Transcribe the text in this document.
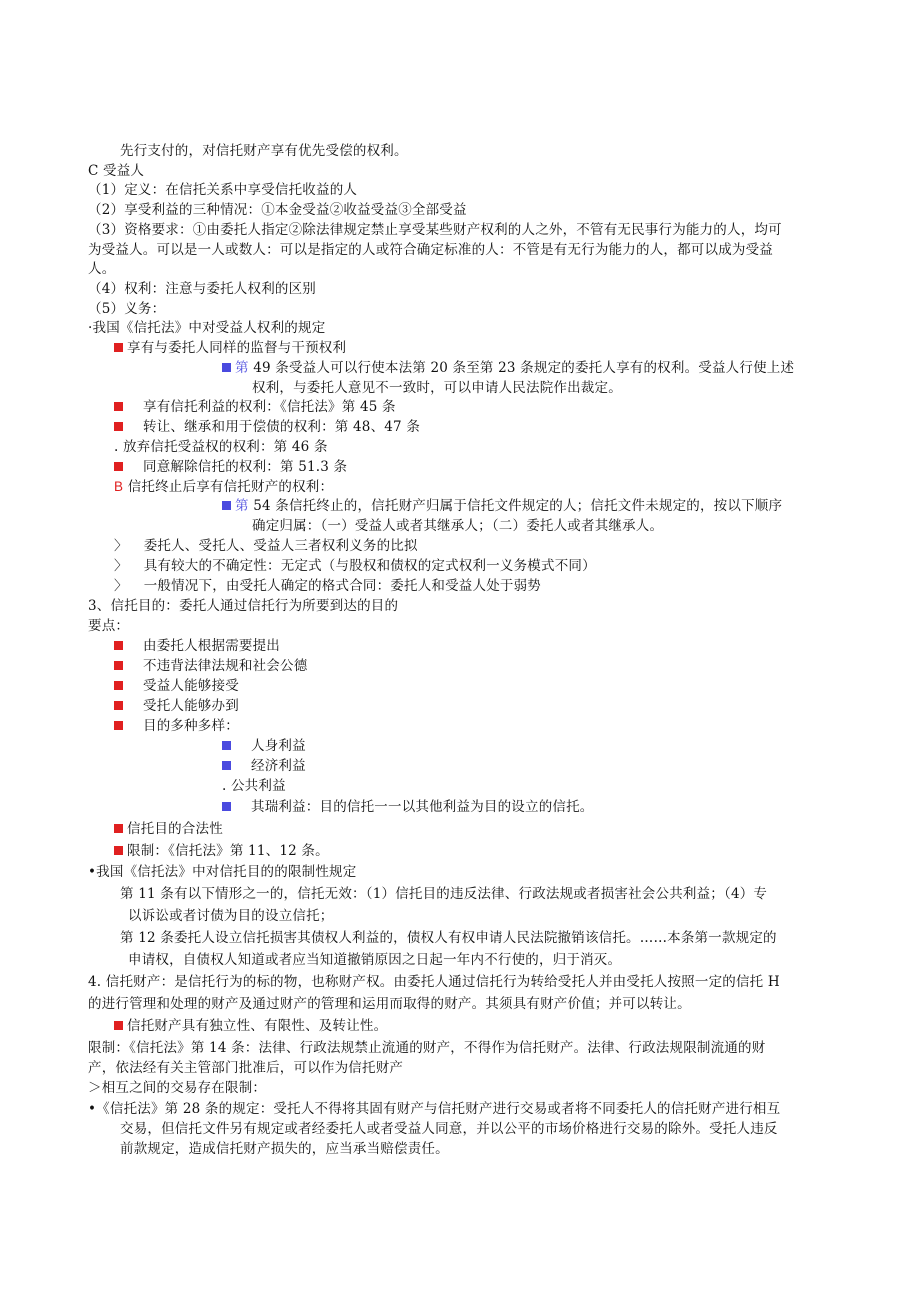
先行支付的，对信托财产享有优先受偿的权利。
C 受益人
（1）定义：在信托关系中享受信托收益的人
（2）享受利益的三种情况：①本金受益②收益受益③全部受益
（3）资格要求：①由委托人指定②除法律规定禁止享受某些财产权利的人之外，不管有无民事行为能力的人，均可
为受益人。可以是一人或数人：可以是指定的人或符合确定标准的人：不管是有无行为能力的人，都可以成为受益
人。
（4）权利：注意与委托人权利的区别
（5）义务：
·我国《信托法》中对受益人权利的规定
享有与委托人同样的监督与干预权利
第 49 条受益人可以行使本法第 20 条至第 23 条规定的委托人享有的权利。受益人行使上述
权利，与委托人意见不一致时，可以申请人民法院作出裁定。
享有信托利益的权利：《信托法》第 45 条
转让、继承和用于偿债的权利：第 48、47 条
. 放弃信托受益权的权利：第 46 条
同意解除信托的权利：第 51.3 条
B 信托终止后享有信托财产的权利：
第 54 条信托终止的，信托财产归属于信托文件规定的人；信托文件未规定的，按以下顺序
确定归属：（一）受益人或者其继承人；（二）委托人或者其继承人。
〉 委托人、受托人、受益人三者权利义务的比拟
〉 具有较大的不确定性：无定式（与股权和债权的定式权利一义务模式不同）
〉 一般情况下，由受托人确定的格式合同：委托人和受益人处于弱势
3、信托目的：委托人通过信托行为所要到达的目的
要点：
由委托人根据需要提出
不违背法律法规和社会公德
受益人能够接受
受托人能够办到
目的多种多样：
人身利益
经济利益
. 公共利益
其瑞利益：目的信托一一以其他利益为目的设立的信托。
信托目的合法性
限制：《信托法》第 11、12 条。
•我国《信托法》中对信托目的的限制性规定
第 11 条有以下情形之一的，信托无效：（1）信托目的违反法律、行政法规或者损害社会公共利益；（4）专
以诉讼或者讨债为目的设立信托；
第 12 条委托人设立信托损害其债权人利益的，债权人有权申请人民法院撤销该信托。……本条第一款规定的
申请权，自债权人知道或者应当知道撤销原因之日起一年内不行使的，归于消灭。
4. 信托财产：是信托行为的标的物，也称财产权。由委托人通过信托行为转给受托人并由受托人按照一定的信托 H
的进行管理和处理的财产及通过财产的管理和运用而取得的财产。其须具有财产价值；并可以转让。
信托财产具有独立性、有限性、及转让性。
限制：《信托法》第 14 条：法律、行政法规禁止流通的财产，不得作为信托财产。法律、行政法规限制流通的财
产，依法经有关主管部门批准后，可以作为信托财产
＞相互之间的交易存在限制：
•《信托法》第 28 条的规定：受托人不得将其固有财产与信托财产进行交易或者将不同委托人的信托财产进行相互
交易，但信托文件另有规定或者经委托人或者受益人同意，并以公平的市场价格进行交易的除外。受托人违反
前款规定，造成信托财产损失的，应当承当赔偿责任。
